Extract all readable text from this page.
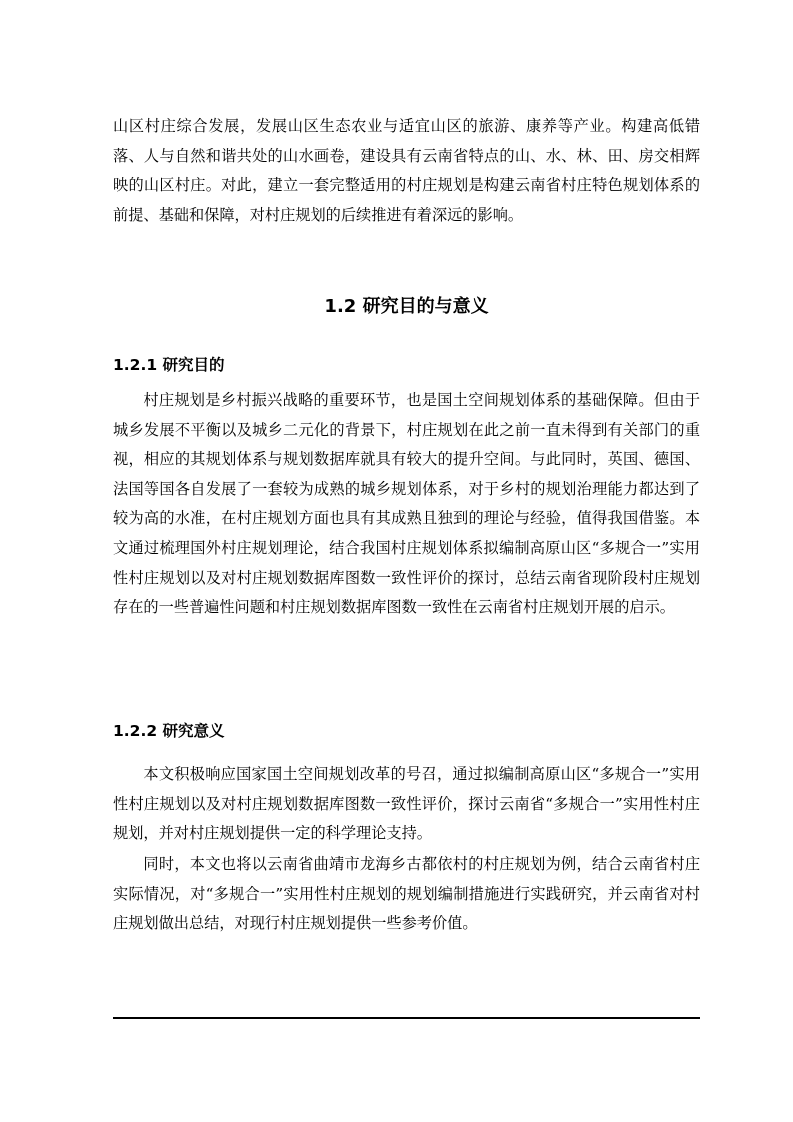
山区村庄综合发展，发展山区生态农业与适宜山区的旅游、康养等产业。构建高低错落、人与自然和谐共处的山水画卷，建设具有云南省特点的山、水、林、田、房交相辉映的山区村庄。对此，建立一套完整适用的村庄规划是构建云南省村庄特色规划体系的前提、基础和保障，对村庄规划的后续推进有着深远的影响。

1.2 研究目的与意义
1.2.1 研究目的

村庄规划是乡村振兴战略的重要环节，也是国土空间规划体系的基础保障。但由于城乡发展不平衡以及城乡二元化的背景下，村庄规划在此之前一直未得到有关部门的重视，相应的其规划体系与规划数据库就具有较大的提升空间。与此同时，英国、德国、法国等国各自发展了一套较为成熟的城乡规划体系，对于乡村的规划治理能力都达到了较为高的水准，在村庄规划方面也具有其成熟且独到的理论与经验，值得我国借鉴。本文通过梳理国外村庄规划理论，结合我国村庄规划体系拟编制高原山区“多规合一”实用性村庄规划以及对村庄规划数据库图数一致性评价的探讨，总结云南省现阶段村庄规划存在的一些普遍性问题和村庄规划数据库图数一致性在云南省村庄规划开展的启示。

1.2.2 研究意义

本文积极响应国家国土空间规划改革的号召，通过拟编制高原山区“多规合一”实用性村庄规划以及对村庄规划数据库图数一致性评价，探讨云南省“多规合一”实用性村庄规划，并对村庄规划提供一定的科学理论支持。

同时，本文也将以云南省曲靖市龙海乡古都依村的村庄规划为例，结合云南省村庄实际情况，对“多规合一”实用性村庄规划的规划编制措施进行实践研究，并云南省对村庄规划做出总结，对现行村庄规划提供一些参考价值。
